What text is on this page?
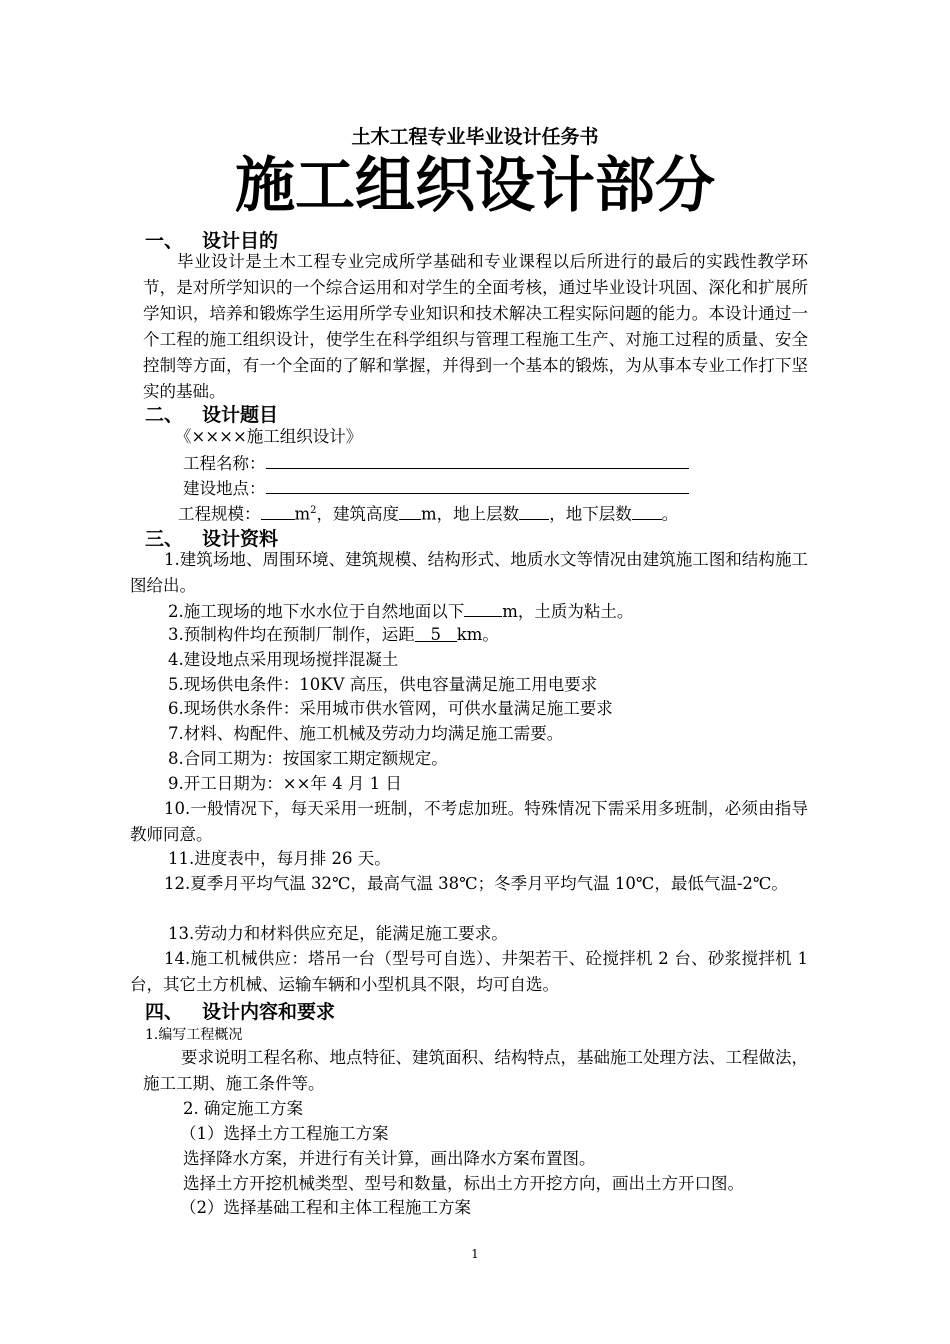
土木工程专业毕业设计任务书
施工组织设计部分
一、 设计目的
毕业设计是土木工程专业完成所学基础和专业课程以后所进行的最后的实践性教学环节，是对所学知识的一个综合运用和对学生的全面考核，通过毕业设计巩固、深化和扩展所学知识，培养和锻炼学生运用所学专业知识和技术解决工程实际问题的能力。本设计通过一个工程的施工组织设计，使学生在科学组织与管理工程施工生产、对施工过程的质量、安全控制等方面，有一个全面的了解和掌握，并得到一个基本的锻炼，为从事本专业工作打下坚实的基础。
二、 设计题目
《××××施工组织设计》
工程名称：
建设地点：
工程规模： $m^2$，建筑高度 m，地上层数 ，地下层数 。
三、 设计资料
1.建筑场地、周围环境、建筑规模、结构形式、地质水文等情况由建筑施工图和结构施工图给出。
2.施工现场的地下水水位于自然地面以下 m，土质为粘土。
3.预制构件均在预制厂制作，运距 5 km。
4.建设地点采用现场搅拌混凝土
5.现场供电条件：10KV 高压，供电容量满足施工用电要求
6.现场供水条件：采用城市供水管网，可供水量满足施工要求
7.材料、构配件、施工机械及劳动力均满足施工需要。
8.合同工期为：按国家工期定额规定。
9.开工日期为：××年 4 月 1 日
10.一般情况下，每天采用一班制，不考虑加班。特殊情况下需采用多班制，必须由指导教师同意。
11.进度表中，每月排 26 天。
12.夏季月平均气温 32℃，最高气温 38℃；冬季月平均气温 10℃，最低气温-2℃。
13.劳动力和材料供应充足，能满足施工要求。
14.施工机械供应：塔吊一台（型号可自选）、井架若干、砼搅拌机 2 台、砂浆搅拌机 1 台，其它土方机械、运输车辆和小型机具不限，均可自选。
四、 设计内容和要求
1.编写工程概况
要求说明工程名称、地点特征、建筑面积、结构特点，基础施工处理方法、工程做法，施工工期、施工条件等。
2. 确定施工方案
（1）选择土方工程施工方案
选择降水方案，并进行有关计算，画出降水方案布置图。
选择土方开挖机械类型、型号和数量，标出土方开挖方向，画出土方开口图。
（2）选择基础工程和主体工程施工方案
1
